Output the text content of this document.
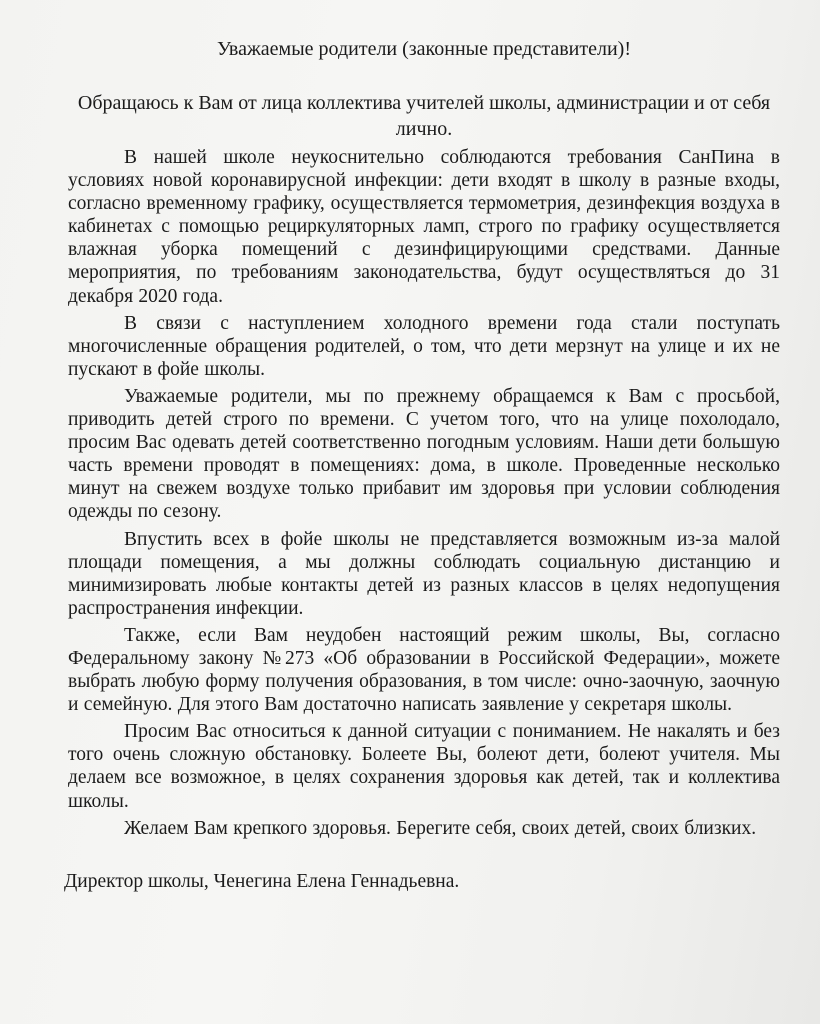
Уважаемые родители (законные представители)!

Обращаюсь к Вам от лица коллектива учителей школы, администрации и от себя лично.

В нашей школе неукоснительно соблюдаются требования СанПина в условиях новой коронавирусной инфекции: дети входят в школу в разные входы, согласно временному графику, осуществляется термометрия, дезинфекция воздуха в кабинетах с помощью рециркуляторных ламп, строго по графику осуществляется влажная уборка помещений с дезинфицирующими средствами. Данные мероприятия, по требованиям законодательства, будут осуществляться до 31 декабря 2020 года.

В связи с наступлением холодного времени года стали поступать многочисленные обращения родителей, о том, что дети мерзнут на улице и их не пускают в фойе школы.

Уважаемые родители, мы по прежнему обращаемся к Вам с просьбой, приводить детей строго по времени. С учетом того, что на улице похолодало, просим Вас одевать детей соответственно погодным условиям. Наши дети большую часть времени проводят в помещениях: дома, в школе. Проведенные несколько минут на свежем воздухе только прибавит им здоровья при условии соблюдения одежды по сезону.

Впустить всех в фойе школы не представляется возможным из-за малой площади помещения, а мы должны соблюдать социальную дистанцию и минимизировать любые контакты детей из разных классов в целях недопущения распространения инфекции.

Также, если Вам неудобен настоящий режим школы, Вы, согласно Федеральному закону №273 «Об образовании в Российской Федерации», можете выбрать любую форму получения образования, в том числе: очно-заочную, заочную и семейную. Для этого Вам достаточно написать заявление у секретаря школы.

Просим Вас относиться к данной ситуации с пониманием. Не накалять и без того очень сложную обстановку. Болеете Вы, болеют дети, болеют учителя. Мы делаем все возможное, в целях сохранения здоровья как детей, так и коллектива школы.

Желаем Вам крепкого здоровья. Берегите себя, своих детей, своих близких.

Директор школы, Ченегина Елена Геннадьевна.
